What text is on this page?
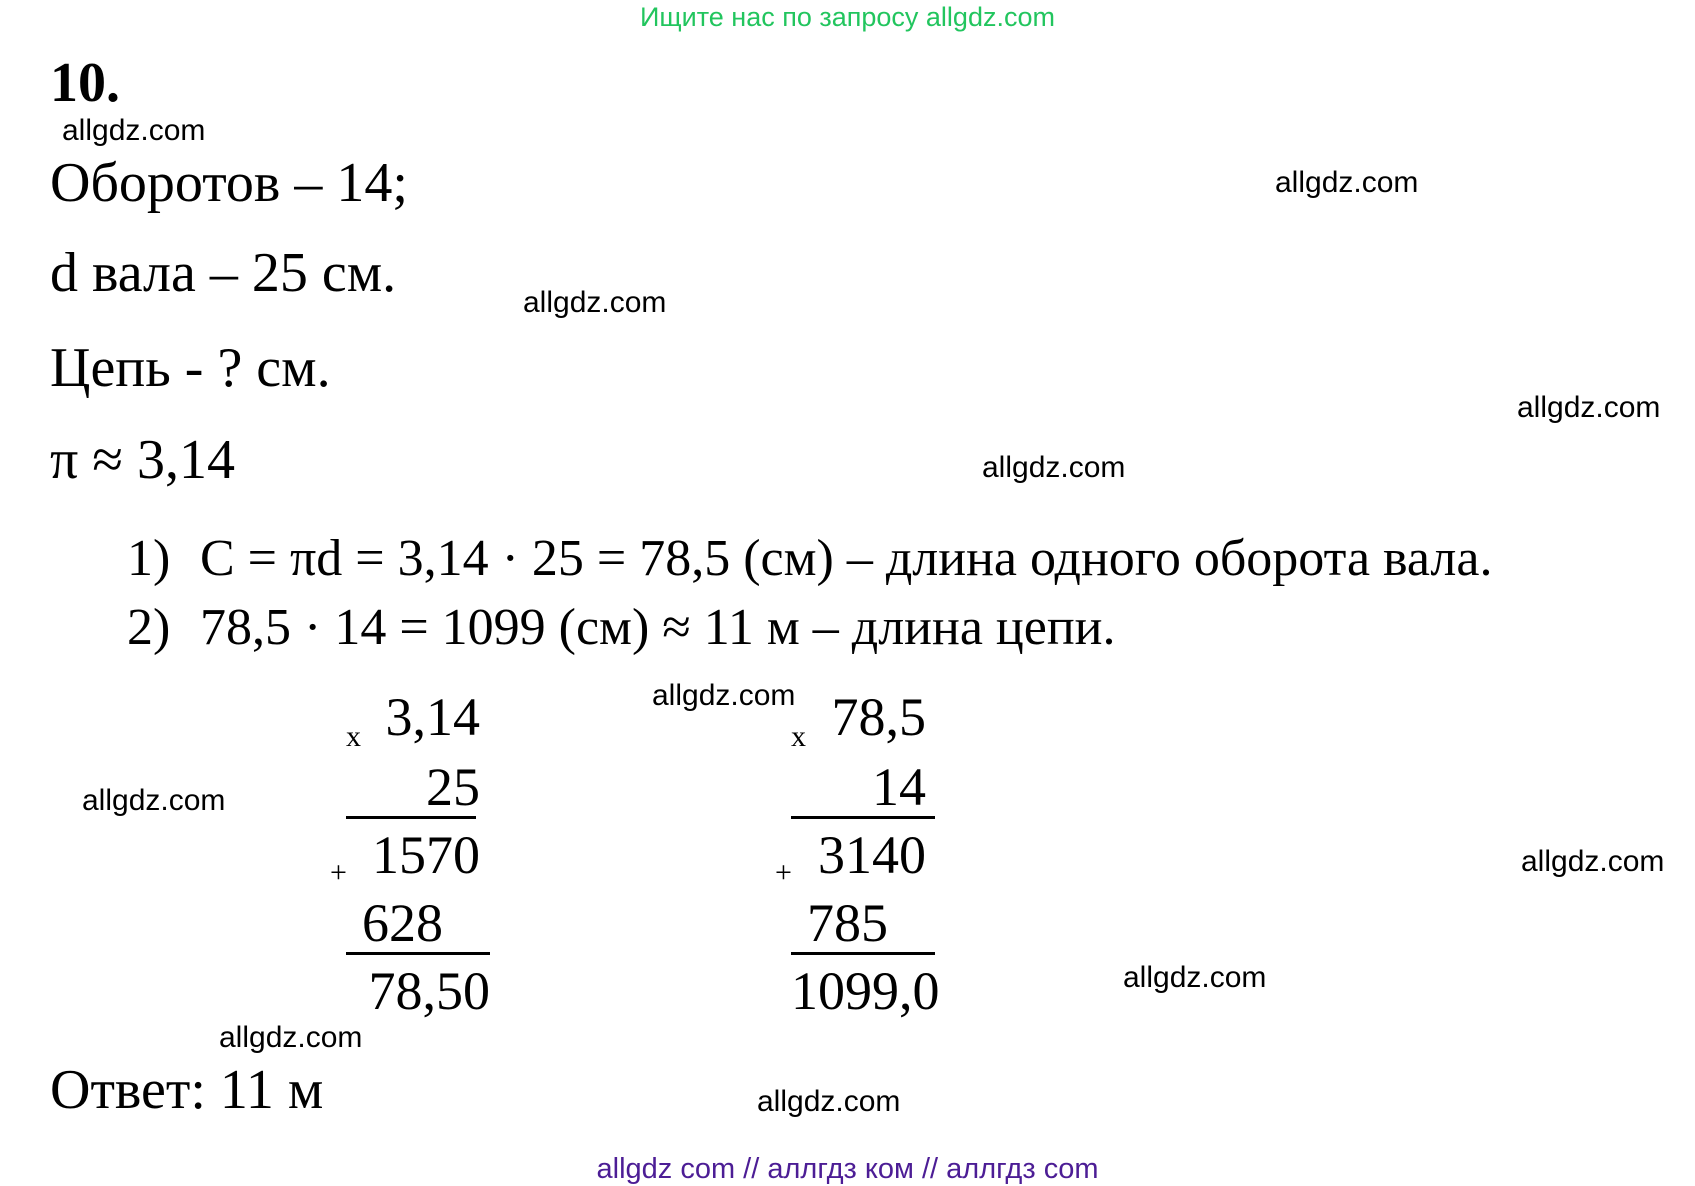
Ищите нас по запросу allgdz.com
10.
Оборотов – 14;
d вала – 25 см.
Цепь - ? см.
π ≈ 3,14
1) C = πd = 3,14 · 25 = 78,5 (см) – длина одного оборота вала.
2) 78,5 · 14 = 1099 (см) ≈ 11 м – длина цепи.
x 3,14
25
+ 1570
628
78,50
x 78,5
14
+ 3140
785
1099,0
Ответ: 11 м
allgdz.com
allgdz.com
allgdz.com
allgdz.com
allgdz.com
allgdz.com
allgdz.com
allgdz.com
allgdz.com
allgdz.com
allgdz.com
allgdz com // аллгдз ком // аллгдз com
